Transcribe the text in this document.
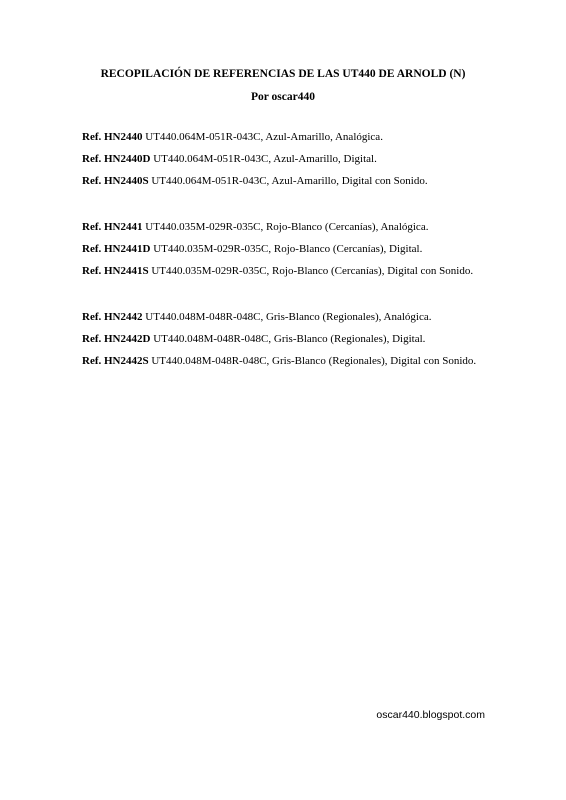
RECOPILACIÓN DE REFERENCIAS DE LAS UT440 DE ARNOLD (N)
Por oscar440
Ref. HN2440 UT440.064M-051R-043C, Azul-Amarillo, Analógica.
Ref. HN2440D UT440.064M-051R-043C, Azul-Amarillo, Digital.
Ref. HN2440S UT440.064M-051R-043C, Azul-Amarillo, Digital con Sonido.
Ref. HN2441 UT440.035M-029R-035C, Rojo-Blanco (Cercanías), Analógica.
Ref. HN2441D UT440.035M-029R-035C, Rojo-Blanco (Cercanías), Digital.
Ref. HN2441S UT440.035M-029R-035C, Rojo-Blanco (Cercanías), Digital con Sonido.
Ref. HN2442 UT440.048M-048R-048C, Gris-Blanco (Regionales), Analógica.
Ref. HN2442D UT440.048M-048R-048C, Gris-Blanco (Regionales), Digital.
Ref. HN2442S UT440.048M-048R-048C, Gris-Blanco (Regionales), Digital con Sonido.
oscar440.blogspot.com
